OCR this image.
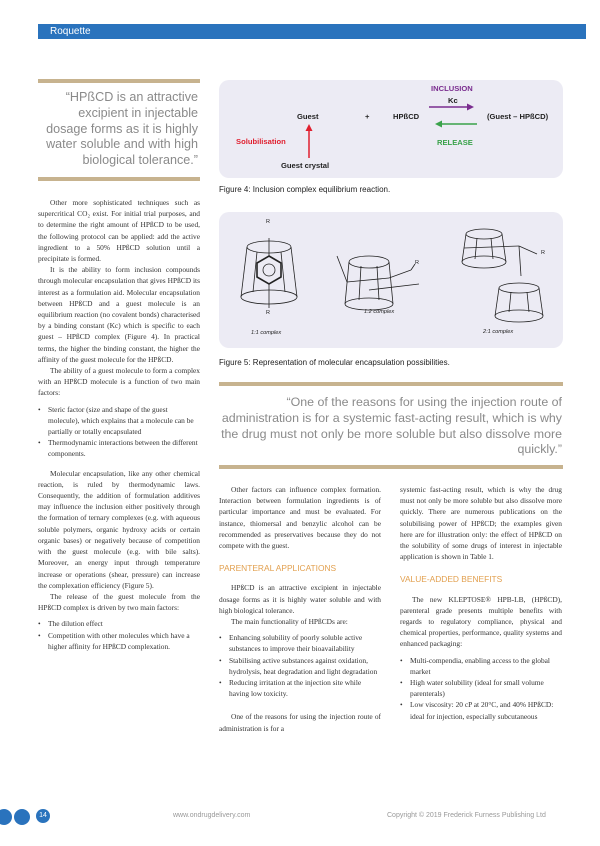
Roquette
“HPßCD is an attractive excipient in injectable dosage forms as it is highly water soluble and with high biological tolerance.”
INCLUSION
Kc
Guest	+	HPßCD	(Guest – HPßCD)
RELEASE
Solubilisation
Guest crystal
Figure 4: Inclusion complex equilibrium reaction.
R
R
R
R
1:1 complex
1:2 complex
2:1 complex
Figure 5: Representation of molecular encapsulation possibilities.
“One of the reasons for using the injection route of administration is for a systemic fast-acting result, which is why the drug must not only be more soluble but also dissolve more quickly.”

Other more sophisticated techniques such as supercritical CO₂ exist. For initial trial purposes, and to determine the right amount of HPßCD to be used, the following protocol can be applied: add the active ingredient to a 50% HPßCD solution until a precipitate is formed.

It is the ability to form inclusion compounds through molecular encapsulation that gives HPßCD its interest as a formulation aid. Molecular encapsulation between HPßCD and a guest molecule is an equilibrium reaction (no covalent bonds) characterised by a binding constant (Kc) which is specific to each guest – HPßCD complex (Figure 4). In practical terms, the higher the binding constant, the higher the affinity of the guest molecule for the HPßCD.

The ability of a guest molecule to form a complex with an HPßCD molecule is a function of two main factors:

• Steric factor (size and shape of the guest molecule), which explains that a molecule can be partially or totally encapsulated
• Thermodynamic interactions between the different components.

Molecular encapsulation, like any other chemical reaction, is ruled by thermodynamic laws. Consequently, the addition of formulation additives may influence the inclusion either positively through the formation of ternary complexes (e.g. with aqueous soluble polymers, organic hydroxy acids or certain organic bases) or negatively because of competition with the guest molecule (e.g. with bile salts). Moreover, an energy input through temperature increase or operations (shear, pressure) can increase the complexation efficiency (Figure 5).

The release of the guest molecule from the HPßCD complex is driven by two main factors:

• The dilution effect
• Competition with other molecules which have a higher affinity for HPßCD complexation.

Other factors can influence complex formation. Interaction between formulation ingredients is of particular importance and must be evaluated. For instance, thiomersal and benzylic alcohol can be recommended as preservatives because they do not compete with the guest.

PARENTERAL APPLICATIONS

HPßCD is an attractive excipient in injectable dosage forms as it is highly water soluble and with high biological tolerance.

The main functionality of HPßCDs are:

• Enhancing solubility of poorly soluble active substances to improve their bioavailability
• Stabilising active substances against oxidation, hydrolysis, heat degradation and light degradation
• Reducing irritation at the injection site while having low toxicity.

One of the reasons for using the injection route of administration is for a

systemic fast-acting result, which is why the drug must not only be more soluble but also dissolve more quickly. There are numerous publications on the solubilising power of HPßCD; the examples given here are for illustration only: the effect of HPßCD on the solubility of some drugs of interest in injectable application is shown in Table 1.

VALUE-ADDED BENEFITS

The new KLEPTOSE® HPB-LB, (HPßCD), parenteral grade presents multiple benefits with regards to regulatory compliance, physical and chemical properties, performance, quality systems and enhanced packaging:

• Multi-compendia, enabling access to the global market
• High water solubility (ideal for small volume parenterals)
• Low viscosity: 20 cP at 20°C, and 40% HPßCD: ideal for injection, especially subcutaneous
14	www.ondrugdelivery.com	Copyright © 2019 Frederick Furness Publishing Ltd
